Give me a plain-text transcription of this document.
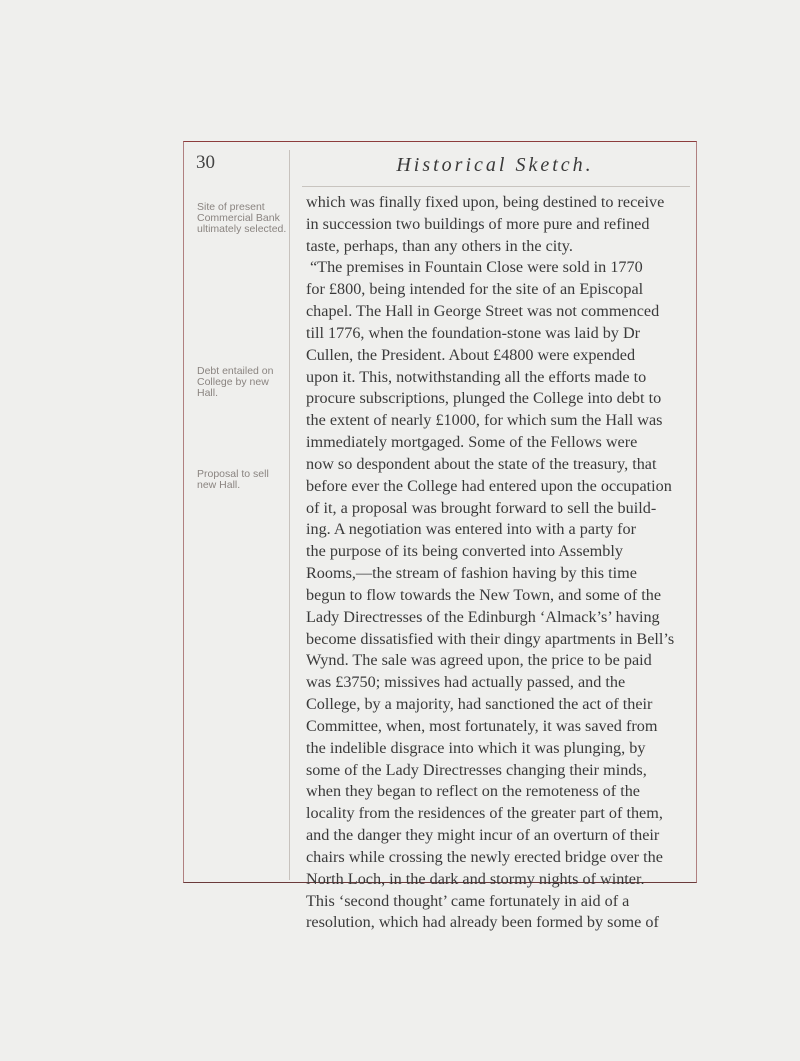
30	Historical Sketch.
Site of present Commercial Bank ultimately selected.
Debt entailed on College by new Hall.
Proposal to sell new Hall.
which was finally fixed upon, being destined to receive
in succession two buildings of more pure and refined
taste, perhaps, than any others in the city.
“The premises in Fountain Close were sold in 1770
for £800, being intended for the site of an Episcopal
chapel. The Hall in George Street was not commenced
till 1776, when the foundation-stone was laid by Dr
Cullen, the President. About £4800 were expended
upon it. This, notwithstanding all the efforts made to
procure subscriptions, plunged the College into debt to
the extent of nearly £1000, for which sum the Hall was
immediately mortgaged. Some of the Fellows were
now so despondent about the state of the treasury, that
before ever the College had entered upon the occupation
of it, a proposal was brought forward to sell the build-
ing. A negotiation was entered into with a party for
the purpose of its being converted into Assembly
Rooms,—the stream of fashion having by this time
begun to flow towards the New Town, and some of the
Lady Directresses of the Edinburgh ‘Almack’s’ having
become dissatisfied with their dingy apartments in Bell’s
Wynd. The sale was agreed upon, the price to be paid
was £3750; missives had actually passed, and the
College, by a majority, had sanctioned the act of their
Committee, when, most fortunately, it was saved from
the indelible disgrace into which it was plunging, by
some of the Lady Directresses changing their minds,
when they began to reflect on the remoteness of the
locality from the residences of the greater part of them,
and the danger they might incur of an overturn of their
chairs while crossing the newly erected bridge over the
North Loch, in the dark and stormy nights of winter.
This ‘second thought’ came fortunately in aid of a
resolution, which had already been formed by some of
